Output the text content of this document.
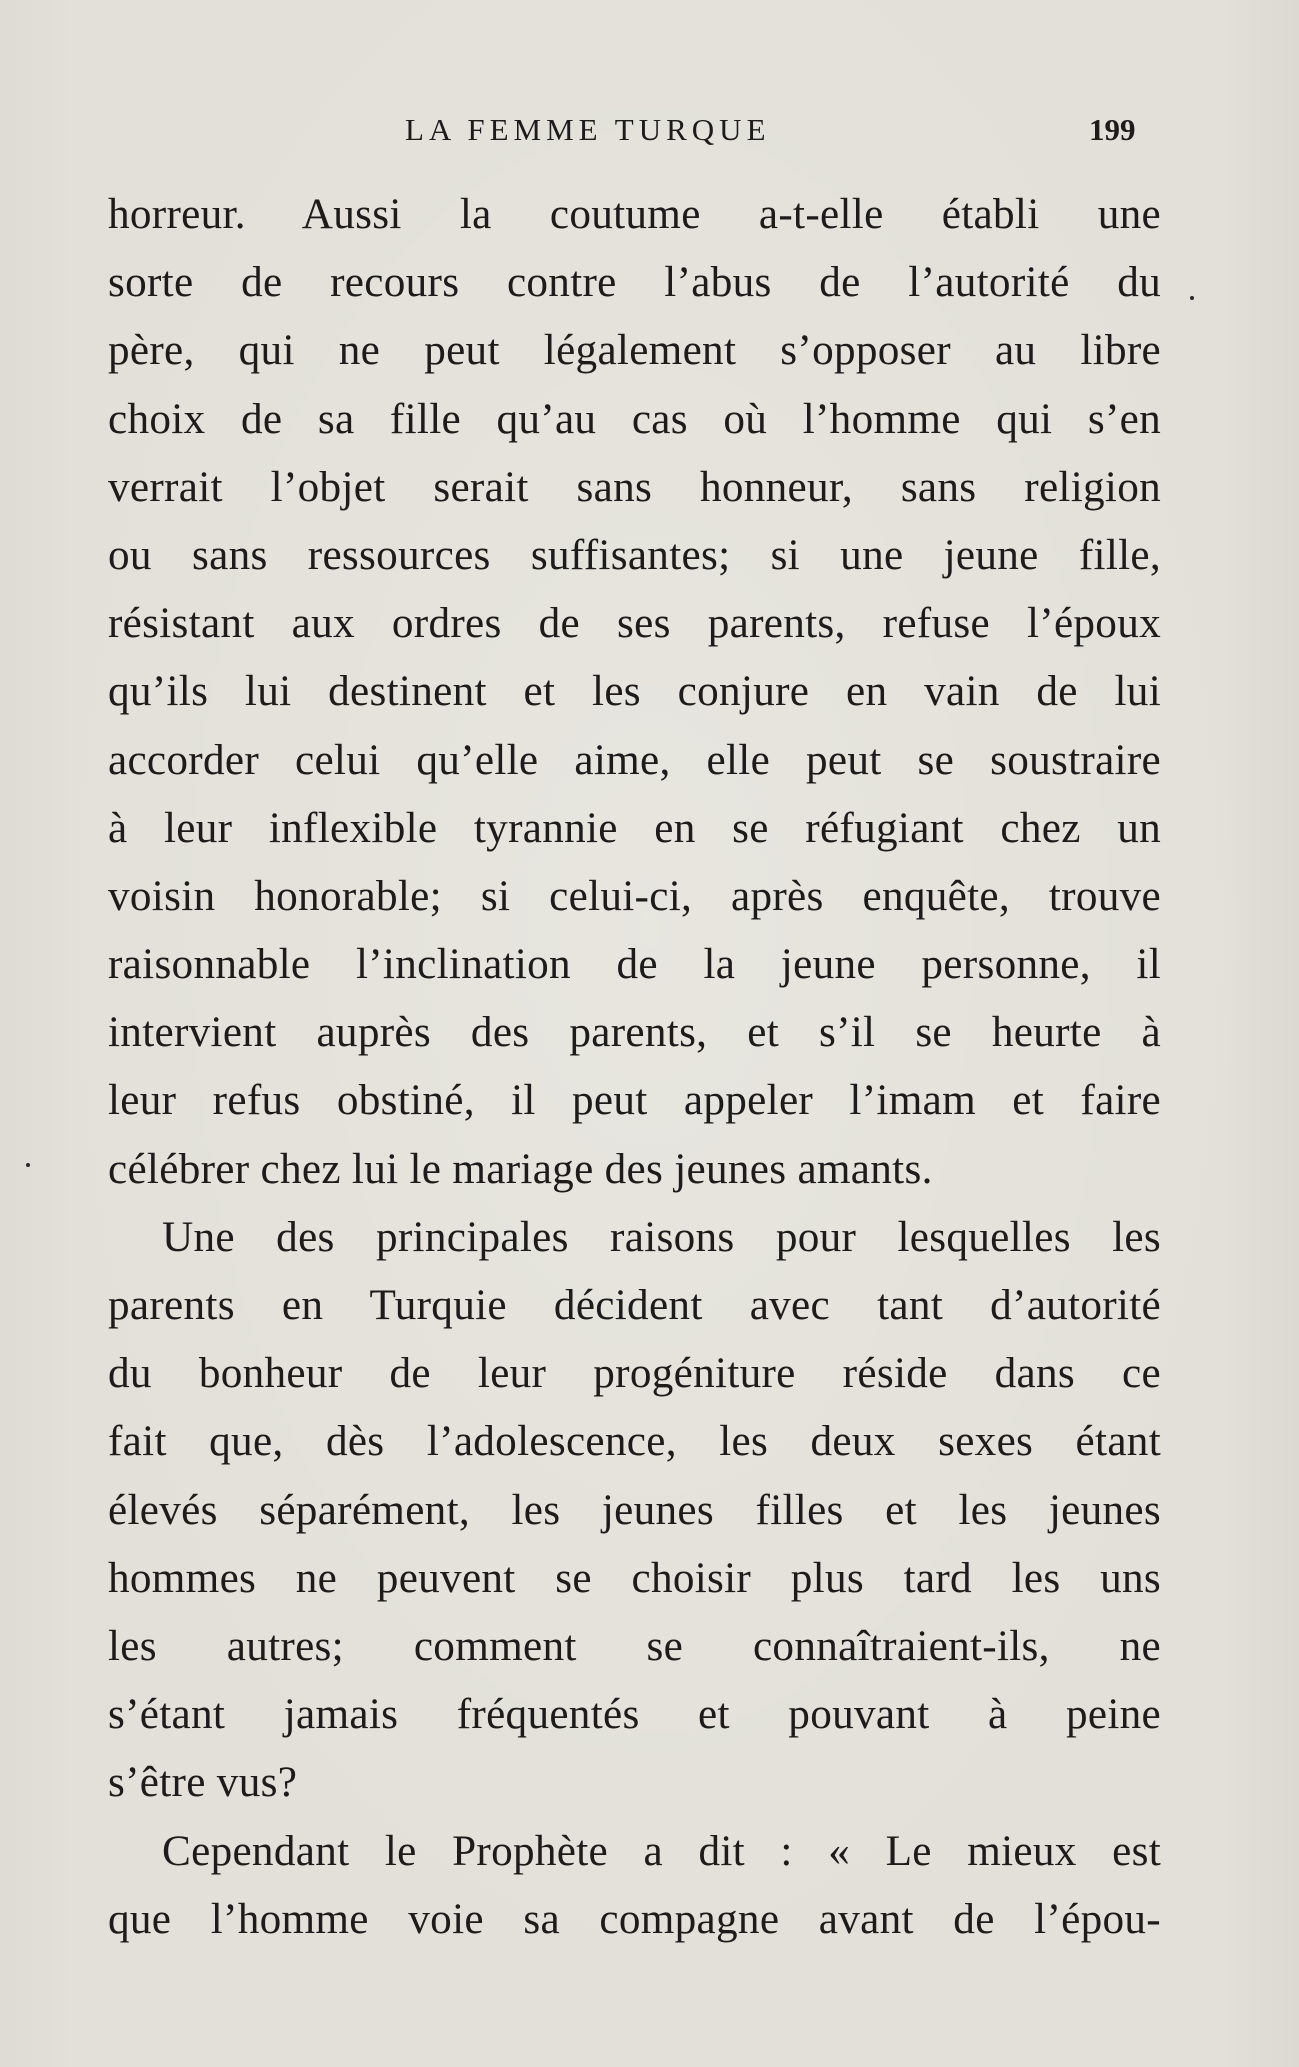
LA FEMME TURQUE	199
horreur. Aussi la coutume a-t-elle établi une
sorte de recours contre l’abus de l’autorité du
père, qui ne peut légalement s’opposer au libre
choix de sa fille qu’au cas où l’homme qui s’en
verrait l’objet serait sans honneur, sans religion
ou sans ressources suffisantes; si une jeune fille,
résistant aux ordres de ses parents, refuse l’époux
qu’ils lui destinent et les conjure en vain de lui
accorder celui qu’elle aime, elle peut se soustraire
à leur inflexible tyrannie en se réfugiant chez un
voisin honorable; si celui-ci, après enquête, trouve
raisonnable l’inclination de la jeune personne, il
intervient auprès des parents, et s’il se heurte à
leur refus obstiné, il peut appeler l’imam et faire
célébrer chez lui le mariage des jeunes amants.
Une des principales raisons pour lesquelles les
parents en Turquie décident avec tant d’autorité
du bonheur de leur progéniture réside dans ce
fait que, dès l’adolescence, les deux sexes étant
élevés séparément, les jeunes filles et les jeunes
hommes ne peuvent se choisir plus tard les uns
les autres; comment se connaîtraient-ils, ne
s’étant jamais fréquentés et pouvant à peine
s’être vus?
Cependant le Prophète a dit : « Le mieux est
que l’homme voie sa compagne avant de l’épou-
